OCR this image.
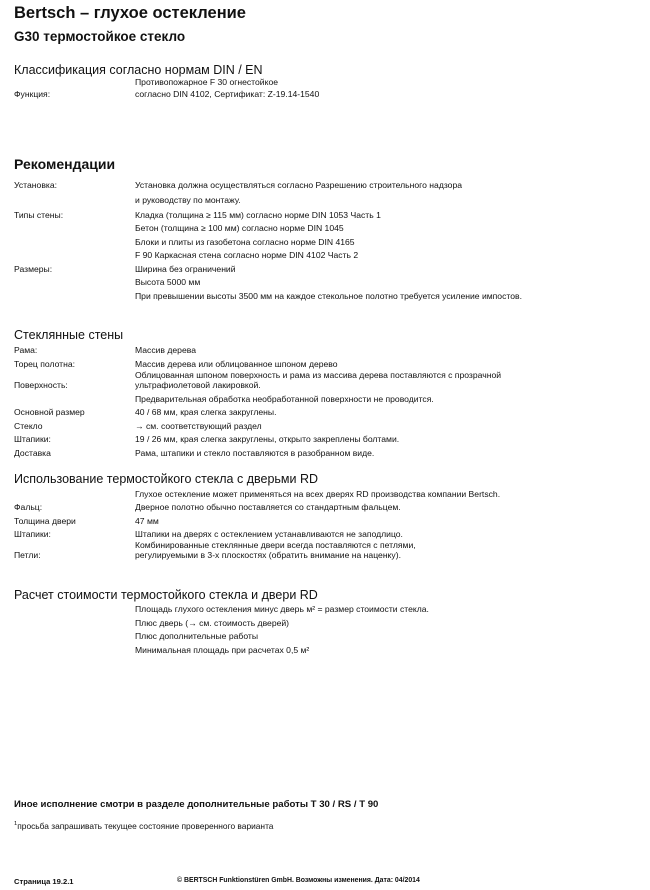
Bertsch – глухое остекление
G30 термостойкое стекло
Классификация согласно нормам DIN / EN
Противопожарное F 30 огнестойкое
Функция:	согласно DIN 4102, Сертификат: Z-19.14-1540
Рекомендации
Установка:	Установка должна осуществляться согласно Разрешению строительного надзора
и руководству по монтажу.
Типы стены:	Кладка (толщина ≥ 115 мм) согласно норме DIN 1053 Часть 1
Бетон (толщина ≥ 100 мм) согласно норме DIN 1045
Блоки и плиты из газобетона согласно норме DIN 4165
F 90 Каркасная стена согласно норме DIN 4102 Часть 2
Размеры:	Ширина без ограничений
Высота 5000 мм
При превышении высоты 3500 мм на каждое стекольное полотно требуется усиление импостов.
Стеклянные стены
Рама:	Массив дерева
Торец полотна:	Массив дерева или облицованное шпоном дерево
Облицованная шпоном поверхность и рама из массива дерева поставляются с прозрачной
Поверхность:	ультрафиолетовой лакировкой.
Предварительная обработка необработанной поверхности не проводится.
Основной размер	40 / 68 мм, края слегка закруглены.
Стекло	→ см. соответствующий раздел
Штапики:	19 / 26 мм, края слегка закруглены, открыто закреплены болтами.
Доставка	Рама, штапики и стекло поставляются в разобранном виде.
Использование термостойкого стекла с дверьми RD
Глухое остекление может применяться на всех дверях RD производства компании Bertsch.
Фальц:	Дверное полотно обычно поставляется со стандартным фальцем.
Толщина двери	47 мм
Штапики:	Штапики на дверях с остеклением устанавливаются не заподлицо.
Комбинированные стеклянные двери всегда поставляются с петлями,
Петли:	регулируемыми в 3-х плоскостях (обратить внимание на наценку).
Расчет стоимости термостойкого стекла и двери RD
Площадь глухого остекления минус дверь м² = размер стоимости стекла.
Плюс дверь (→ см. стоимость дверей)
Плюс дополнительные работы
Минимальная площадь при расчетах 0,5 м²
Иное исполнение смотри в разделе дополнительные работы T 30 / RS / T 90
$^1$просьба запрашивать текущее состояние проверенного варианта
Страница 19.2.1	© BERTSCH Funktionstüren GmbH. Возможны изменения. Дата: 04/2014
